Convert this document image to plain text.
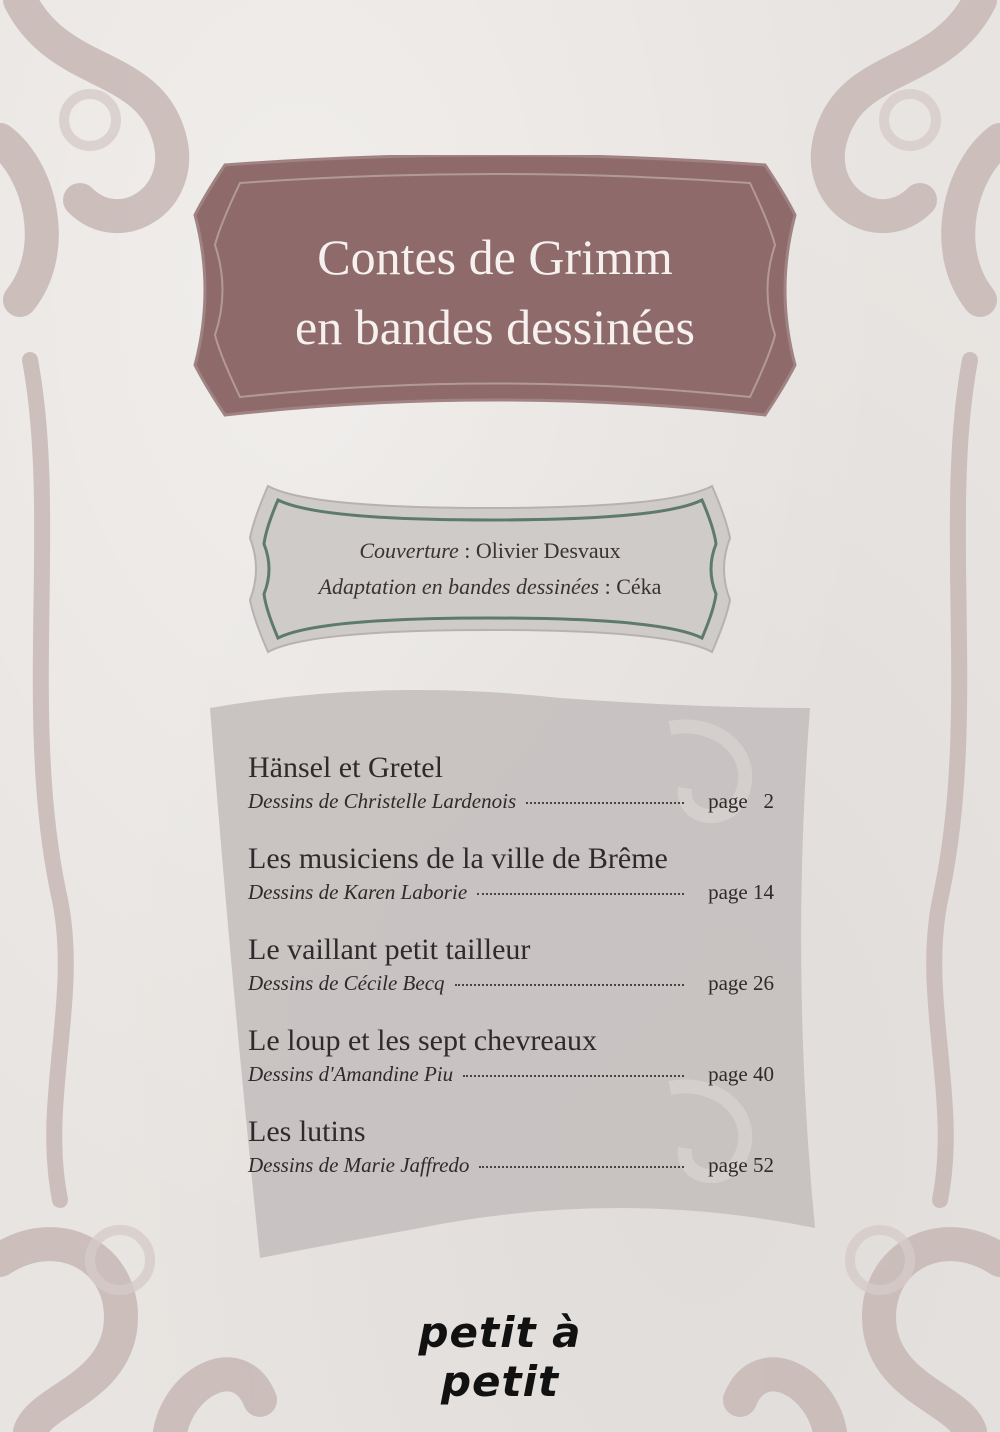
Contes de Grimm
en bandes dessinées
Couverture : Olivier Desvaux
Adaptation en bandes dessinées : Céka
Hänsel et Gretel
Dessins de Christelle Lardenois	page   2
Les musiciens de la ville de Brême
Dessins de Karen Laborie	page 14
Le vaillant petit tailleur
Dessins de Cécile Becq	page 26
Le loup et les sept chevreaux
Dessins d'Amandine Piu	page 40
Les lutins
Dessins de Marie Jaffredo	page 52
petit à petit
